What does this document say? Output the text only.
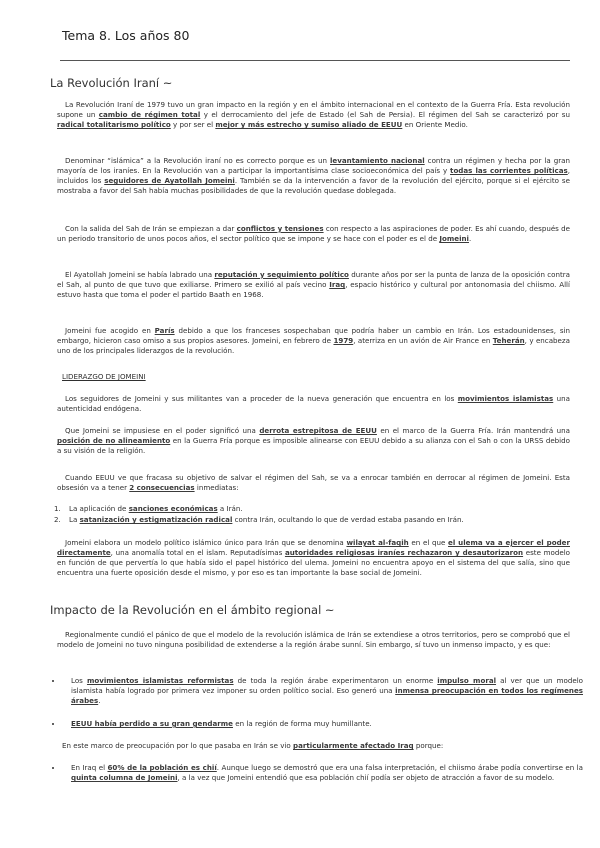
Tema 8. Los años 80
La Revolución Iraní ~
La Revolución Iraní de 1979 tuvo un gran impacto en la región y en el ámbito internacional en el contexto de la Guerra Fría. Esta revolución supone un cambio de régimen total y el derrocamiento del jefe de Estado (el Sah de Persia). El régimen del Sah se caracterizó por su radical totalitarismo político y por ser el mejor y más estrecho y sumiso aliado de EEUU en Oriente Medio.
Denominar “islámica” a la Revolución iraní no es correcto porque es un levantamiento nacional contra un régimen y hecha por la gran mayoría de los iraníes. En la Revolución van a participar la importantísima clase socioeconómica del país y todas las corrientes políticas, incluidos los seguidores de Ayatollah Jomeini. También se da la intervención a favor de la revolución del ejército, porque si el ejército se mostraba a favor del Sah había muchas posibilidades de que la revolución quedase doblegada.
Con la salida del Sah de Irán se empiezan a dar conflictos y tensiones con respecto a las aspiraciones de poder. Es ahí cuando, después de un periodo transitorio de unos pocos años, el sector político que se impone y se hace con el poder es el de Jomeini.
El Ayatollah Jomeini se había labrado una reputación y seguimiento político durante años por ser la punta de lanza de la oposición contra el Sah, al punto de que tuvo que exiliarse. Primero se exilió al país vecino Iraq, espacio histórico y cultural por antonomasia del chiismo. Allí estuvo hasta que toma el poder el partido Baath en 1968.
Jomeini fue acogido en París debido a que los franceses sospechaban que podría haber un cambio en Irán. Los estadounidenses, sin embargo, hicieron caso omiso a sus propios asesores. Jomeini, en febrero de 1979, aterriza en un avión de Air France en Teherán, y encabeza uno de los principales liderazgos de la revolución.
LIDERAZGO DE JOMEINI
Los seguidores de Jomeini y sus militantes van a proceder de la nueva generación que encuentra en los movimientos islamistas una autenticidad endógena.
Que Jomeini se impusiese en el poder significó una derrota estrepitosa de EEUU en el marco de la Guerra Fría. Irán mantendrá una posición de no alineamiento en la Guerra Fría porque es imposible alinearse con EEUU debido a su alianza con el Sah o con la URSS debido a su visión de la religión.
Cuando EEUU ve que fracasa su objetivo de salvar el régimen del Sah, se va a enrocar también en derrocar al régimen de Jomeini. Esta obsesión va a tener 2 consecuencias inmediatas:
1. La aplicación de sanciones económicas a Irán.
2. La satanización y estigmatización radical contra Irán, ocultando lo que de verdad estaba pasando en Irán.
Jomeini elabora un modelo político islámico único para Irán que se denomina wilayat al-faqih en el que el ulema va a ejercer el poder directamente, una anomalía total en el islam. Reputadísimas autoridades religiosas iraníes rechazaron y desautorizaron este modelo en función de que pervertía lo que había sido el papel histórico del ulema. Jomeini no encuentra apoyo en el sistema del que salía, sino que encuentra una fuerte oposición desde el mismo, y por eso es tan importante la base social de Jomeini.
Impacto de la Revolución en el ámbito regional ~
Regionalmente cundió el pánico de que el modelo de la revolución islámica de Irán se extendiese a otros territorios, pero se comprobó que el modelo de Jomeini no tuvo ninguna posibilidad de extenderse a la región árabe sunní. Sin embargo, sí tuvo un inmenso impacto, y es que:
• Los movimientos islamistas reformistas de toda la región árabe experimentaron un enorme impulso moral al ver que un modelo islamista había logrado por primera vez imponer su orden político social. Eso generó una inmensa preocupación en todos los regímenes árabes.
• EEUU había perdido a su gran gendarme en la región de forma muy humillante.
En este marco de preocupación por lo que pasaba en Irán se vio particularmente afectado Iraq porque:
• En Iraq el 60% de la población es chií. Aunque luego se demostró que era una falsa interpretación, el chiismo árabe podía convertirse en la quinta columna de Jomeini, a la vez que Jomeini entendió que esa población chií podía ser objeto de atracción a favor de su modelo.
